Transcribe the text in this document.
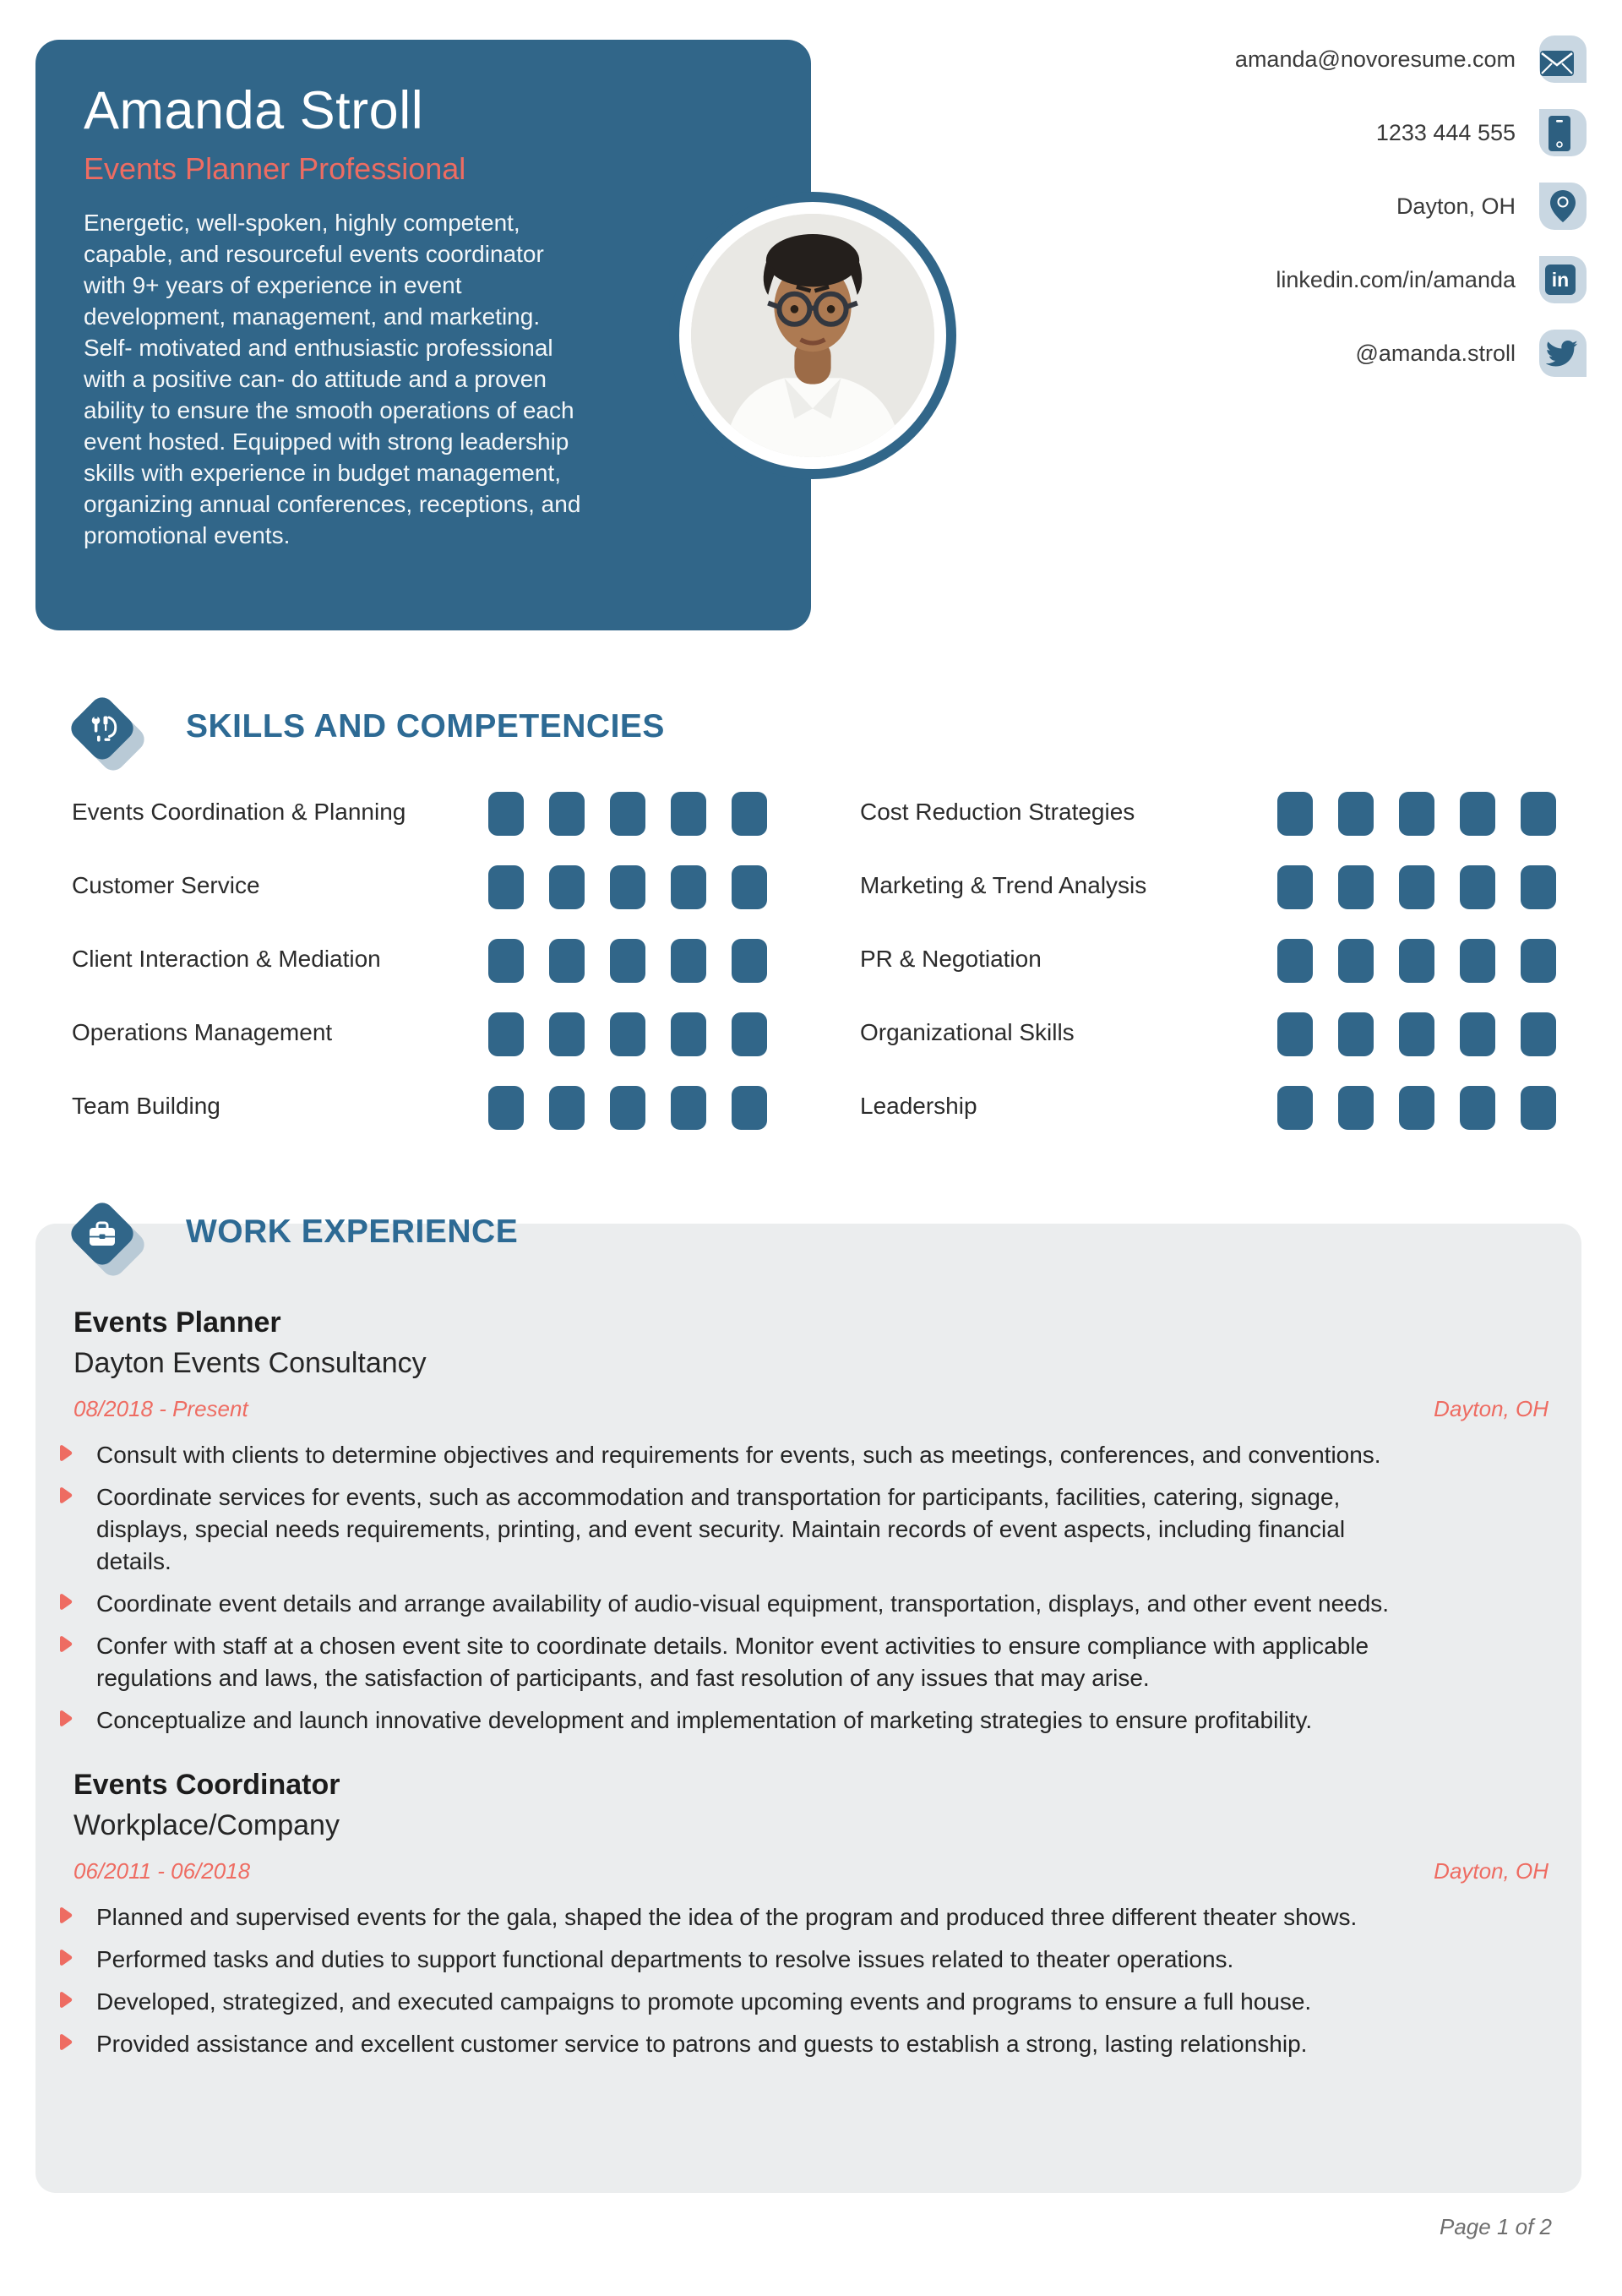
Amanda Stroll
Events Planner Professional
Energetic, well-spoken, highly competent, capable, and resourceful events coordinator with 9+ years of experience in event development, management, and marketing. Self- motivated and enthusiastic professional with a positive can- do attitude and a proven ability to ensure the smooth operations of each event hosted. Equipped with strong leadership skills with experience in budget management, organizing annual conferences, receptions, and promotional events.
amanda@novoresume.com
1233 444 555
Dayton, OH
linkedin.com/in/amanda	in
@amanda.stroll
SKILLS AND COMPETENCIES
Events Coordination & Planning
Customer Service
Client Interaction & Mediation
Operations Management
Team Building
Cost Reduction Strategies
Marketing & Trend Analysis
PR & Negotiation
Organizational Skills
Leadership
WORK EXPERIENCE
Events Planner
Dayton Events Consultancy
08/2018 - Present	Dayton, OH
Consult with clients to determine objectives and requirements for events, such as meetings, conferences, and conventions.
Coordinate services for events, such as accommodation and transportation for participants, facilities, catering, signage, displays, special needs requirements, printing, and event security. Maintain records of event aspects, including financial details.
Coordinate event details and arrange availability of audio-visual equipment, transportation, displays, and other event needs.
Confer with staff at a chosen event site to coordinate details. Monitor event activities to ensure compliance with applicable regulations and laws, the satisfaction of participants, and fast resolution of any issues that may arise.
Conceptualize and launch innovative development and implementation of marketing strategies to ensure profitability.
Events Coordinator
Workplace/Company
06/2011 - 06/2018	Dayton, OH
Planned and supervised events for the gala, shaped the idea of the program and produced three different theater shows.
Performed tasks and duties to support functional departments to resolve issues related to theater operations.
Developed, strategized, and executed campaigns to promote upcoming events and programs to ensure a full house.
Provided assistance and excellent customer service to patrons and guests to establish a strong, lasting relationship.
Page 1 of 2
